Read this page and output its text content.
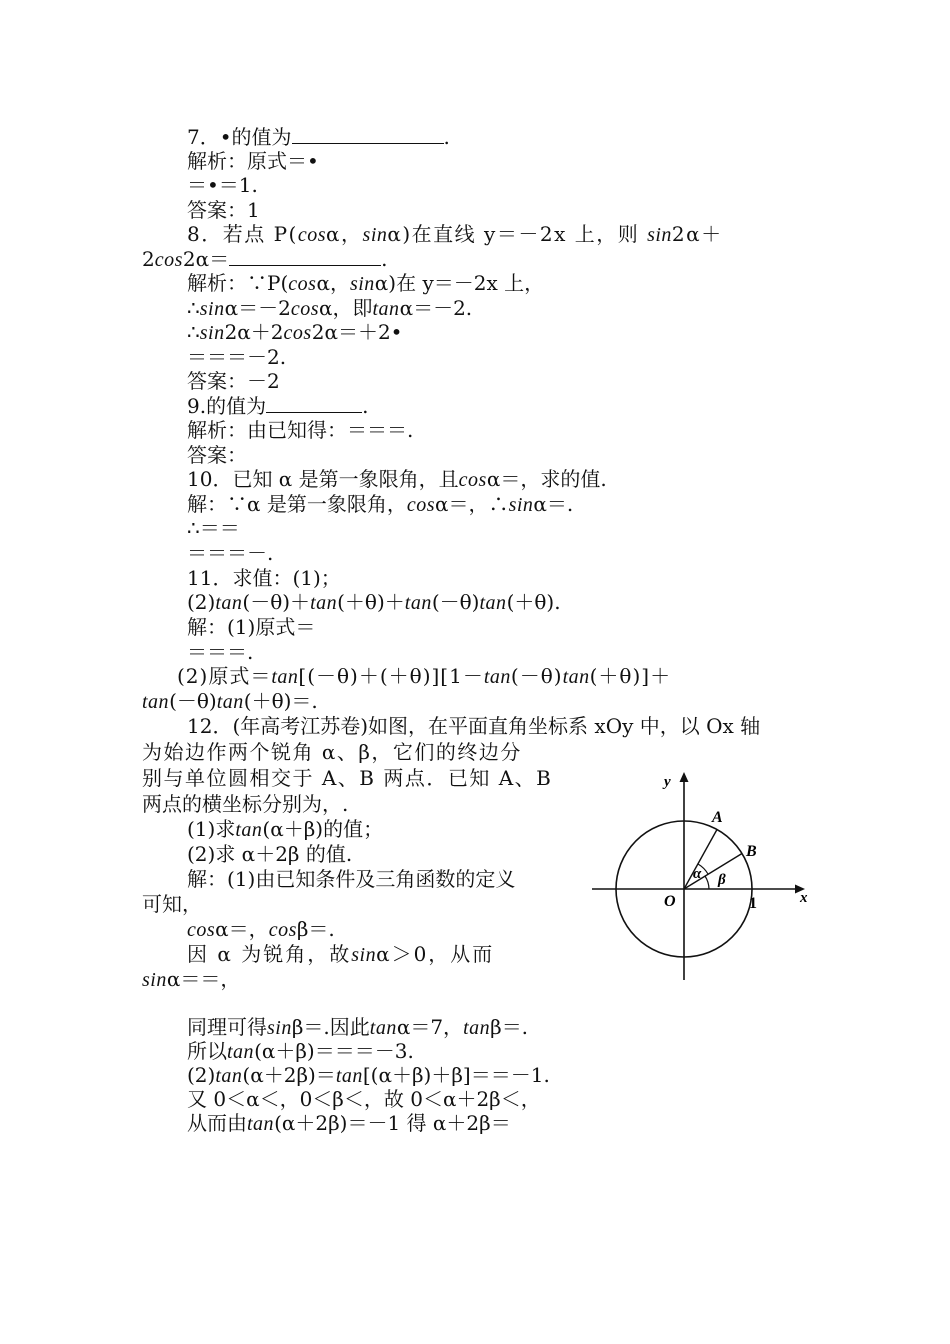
7．•的值为	.
解析：原式＝•
＝•＝1.
答案：1
8．若点 P(cosα，sinα)在直线 y＝－2x 上，则 sin2α＋
2cos2α＝	.
解析：∵P(cosα，sinα)在 y＝－2x 上，
∴sinα＝－2cosα，即tanα＝－2.
∴sin2α＋2cos2α＝＋2•
＝＝＝－2.
答案：－2
9.的值为	.
解析：由已知得：＝＝＝.
答案：
10．已知 α 是第一象限角，且cosα＝，求的值.
解：∵α 是第一象限角，cosα＝，∴sinα＝.
∴＝＝
＝＝＝－.
11．求值：(1)；
(2)tan(－θ)＋tan(＋θ)＋tan(－θ)tan(＋θ).
解：(1)原式＝
＝＝＝.
(2)原式＝tan[(－θ)＋(＋θ)][1－tan(－θ)tan(＋θ)]＋
tan(－θ)tan(＋θ)＝.
12．(年高考江苏卷)如图，在平面直角坐标系 xOy 中，以 Ox 轴
为始边作两个锐角 α、β，它们的终边分
别与单位圆相交于 A、B 两点．已知 A、B
两点的横坐标分别为，.
(1)求tan(α＋β)的值；
(2)求 α＋2β 的值.
解：(1)由已知条件及三角函数的定义
可知，
cosα＝，cosβ＝.
因 α 为锐角，故sinα＞0，从而
sinα＝＝，
同理可得sinβ＝.因此tanα＝7，tanβ＝.
所以tan(α＋β)＝＝＝－3.
(2)tan(α＋2β)＝tan[(α＋β)＋β]＝＝－1.
又 0＜α＜，0＜β＜，故 0＜α＋2β＜，
从而由tan(α＋2β)＝－1 得 α＋2β＝
y
x
O	1
A
B
α β
